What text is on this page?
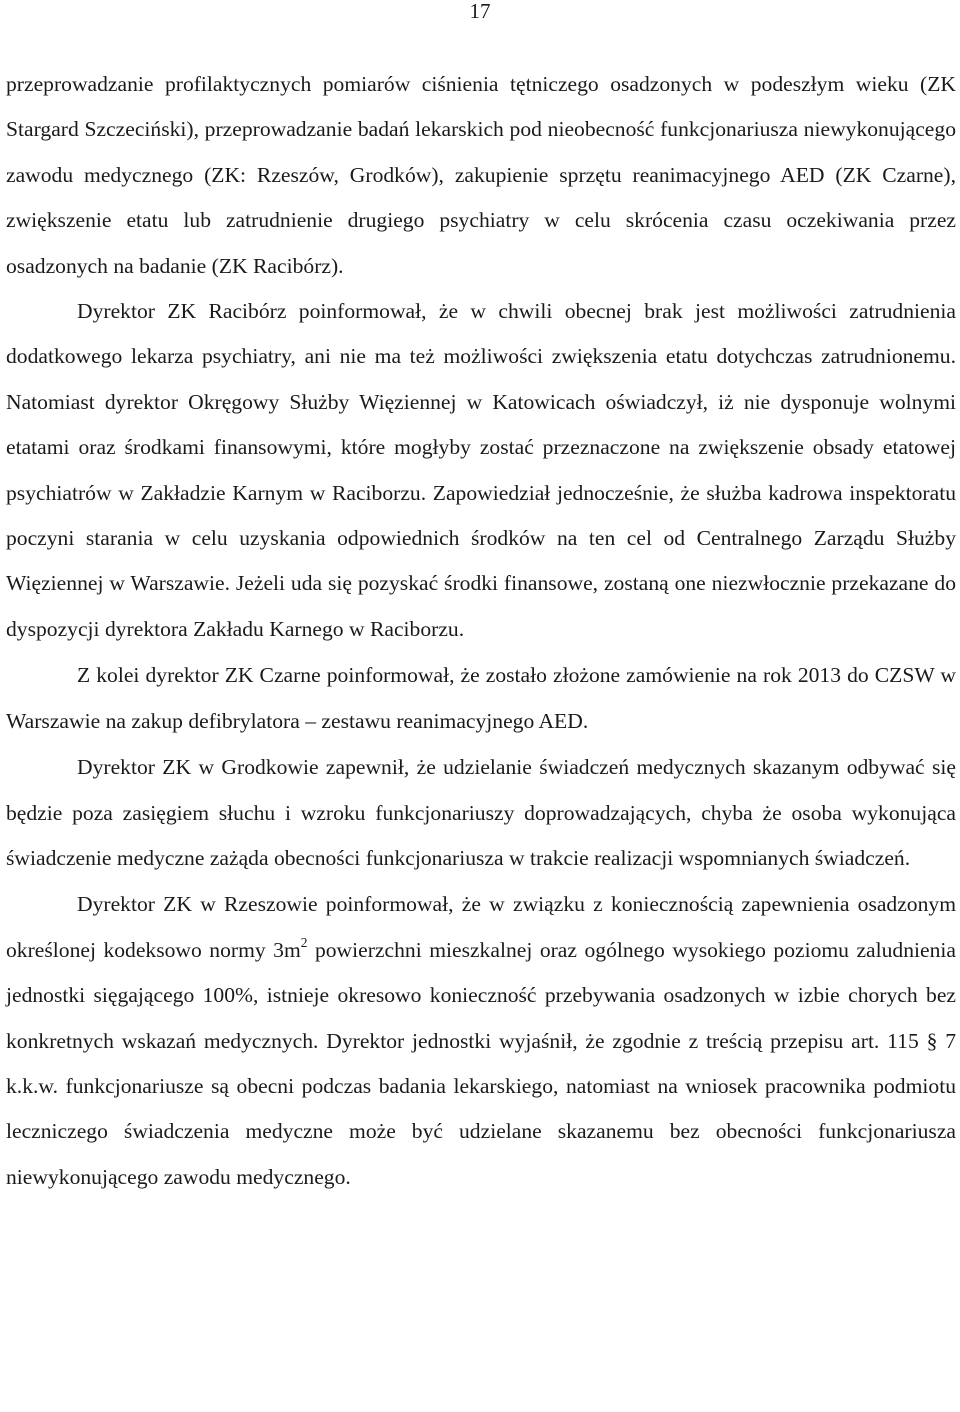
17

przeprowadzanie profilaktycznych pomiarów ciśnienia tętniczego osadzonych w podeszłym wieku (ZK Stargard Szczeciński), przeprowadzanie badań lekarskich pod nieobecność funkcjonariusza niewykonującego zawodu medycznego (ZK: Rzeszów, Grodków), zakupienie sprzętu reanimacyjnego AED (ZK Czarne), zwiększenie etatu lub zatrudnienie drugiego psychiatry w celu skrócenia czasu oczekiwania przez osadzonych na badanie (ZK Racibórz).

Dyrektor ZK Racibórz poinformował, że w chwili obecnej brak jest możliwości zatrudnienia dodatkowego lekarza psychiatry, ani nie ma też możliwości zwiększenia etatu dotychczas zatrudnionemu. Natomiast dyrektor Okręgowy Służby Więziennej w Katowicach oświadczył, iż nie dysponuje wolnymi etatami oraz środkami finansowymi, które mogłyby zostać przeznaczone na zwiększenie obsady etatowej psychiatrów w Zakładzie Karnym w Raciborzu. Zapowiedział jednocześnie, że służba kadrowa inspektoratu poczyni starania w celu uzyskania odpowiednich środków na ten cel od Centralnego Zarządu Służby Więziennej w Warszawie. Jeżeli uda się pozyskać środki finansowe, zostaną one niezwłocznie przekazane do dyspozycji dyrektora Zakładu Karnego w Raciborzu.

Z kolei dyrektor ZK Czarne poinformował, że zostało złożone zamówienie na rok 2013 do CZSW w Warszawie na zakup defibrylatora – zestawu reanimacyjnego AED.

Dyrektor ZK w Grodkowie zapewnił, że udzielanie świadczeń medycznych skazanym odbywać się będzie poza zasięgiem słuchu i wzroku funkcjonariuszy doprowadzających, chyba że osoba wykonująca świadczenie medyczne zażąda obecności funkcjonariusza w trakcie realizacji wspomnianych świadczeń.

Dyrektor ZK w Rzeszowie poinformował, że w związku z koniecznością zapewnienia osadzonym określonej kodeksowo normy $3m^2$ powierzchni mieszkalnej oraz ogólnego wysokiego poziomu zaludnienia jednostki sięgającego 100%, istnieje okresowo konieczność przebywania osadzonych w izbie chorych bez konkretnych wskazań medycznych. Dyrektor jednostki wyjaśnił, że zgodnie z treścią przepisu art. 115 § 7 k.k.w. funkcjonariusze są obecni podczas badania lekarskiego, natomiast na wniosek pracownika podmiotu leczniczego świadczenia medyczne może być udzielane skazanemu bez obecności funkcjonariusza niewykonującego zawodu medycznego.
